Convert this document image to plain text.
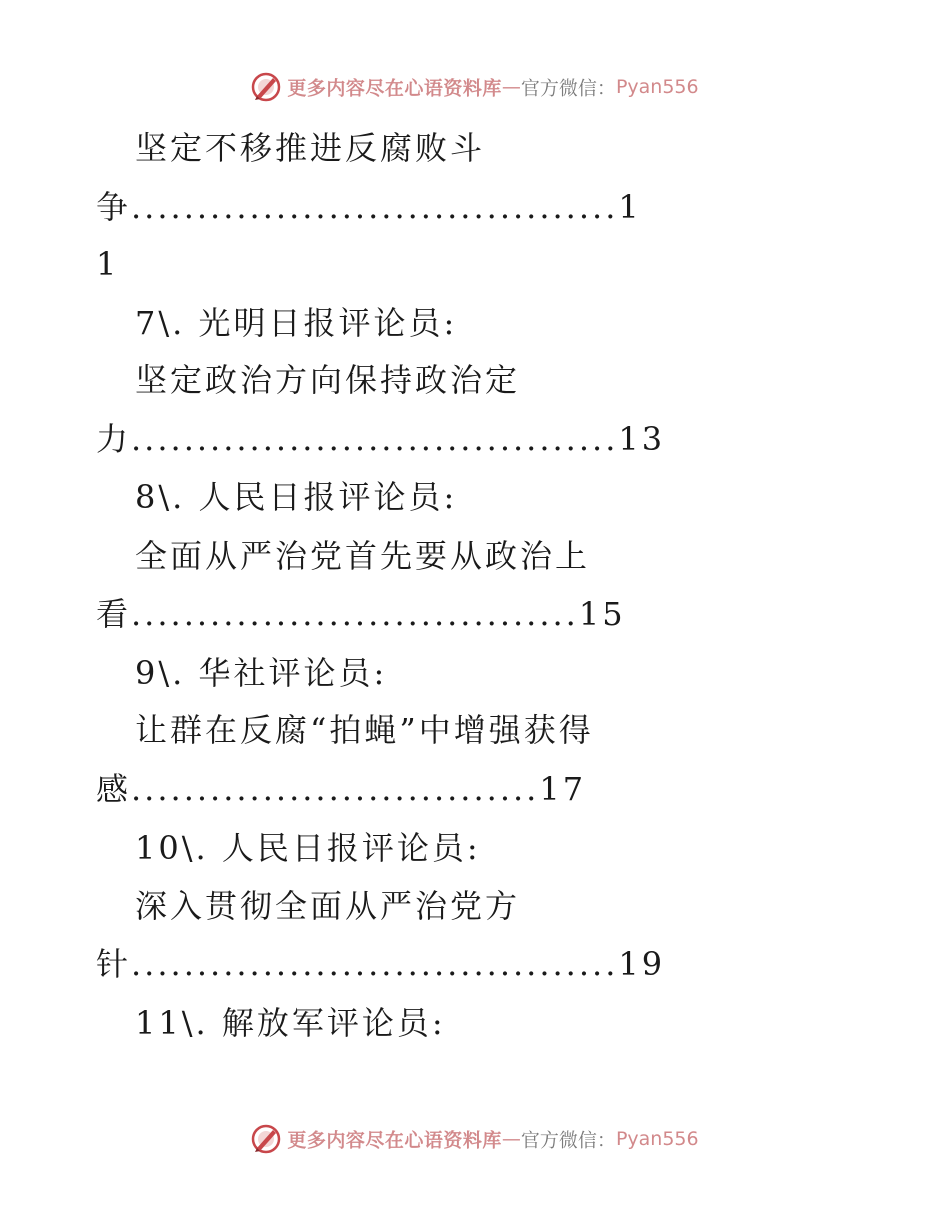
更多内容尽在心语资料库—官方微信：Pyan556
坚定不移推进反腐败斗
争.....................................1
1
7\. 光明日报评论员:
坚定政治方向保持政治定
力.....................................13
8\. 人民日报评论员:
全面从严治党首先要从政治上
看..................................15
9\. 华社评论员:
让群在反腐“拍蝇”中增强获得
感...............................17
10\. 人民日报评论员:
深入贯彻全面从严治党方
针.....................................19
11\. 解放军评论员:
更多内容尽在心语资料库—官方微信：Pyan556
